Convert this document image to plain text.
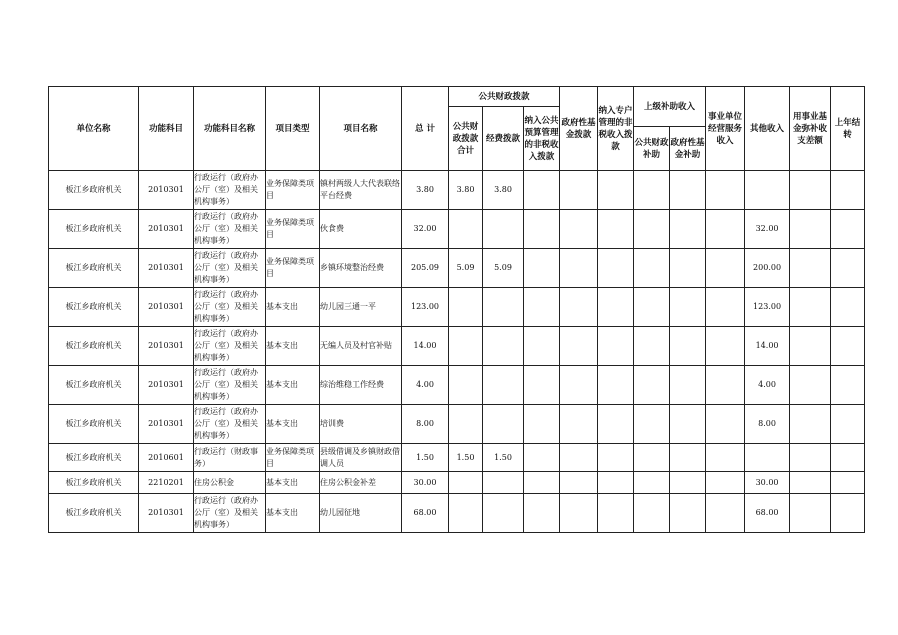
单位名称	功能科目	功能科目名称	项目类型	项目名称	总 计	公共财政拨款			政府性基金拨款	纳入专户管理的非税收入拨款	上级补助收入		事业单位经营服务收入	其他收入	用事业基金弥补收支差额	上年结转
						公共财政拨款合计	经费拨款	纳入公共预算管理的非税收入拨款								
											公共财政补助	政府性基金补助				
板江乡政府机关	2010301	行政运行（政府办公厅（室）及相关机构事务）	业务保障类项目	镇村两级人大代表联络平台经费	3.80	3.80	3.80									
板江乡政府机关	2010301	行政运行（政府办公厅（室）及相关机构事务）	业务保障类项目	伙食费	32.00									32.00		
板江乡政府机关	2010301	行政运行（政府办公厅（室）及相关机构事务）	业务保障类项目	乡镇环境整治经费	205.09	5.09	5.09							200.00		
板江乡政府机关	2010301	行政运行（政府办公厅（室）及相关机构事务）	基本支出	幼儿园三通一平	123.00									123.00		
板江乡政府机关	2010301	行政运行（政府办公厅（室）及相关机构事务）	基本支出	无编人员及村官补贴	14.00									14.00		
板江乡政府机关	2010301	行政运行（政府办公厅（室）及相关机构事务）	基本支出	综治维稳工作经费	4.00									4.00		
板江乡政府机关	2010301	行政运行（政府办公厅（室）及相关机构事务）	基本支出	培训费	8.00									8.00		
板江乡政府机关	2010601	行政运行（财政事务）	业务保障类项目	县级借调及乡镇财政借调人员	1.50	1.50	1.50									
板江乡政府机关	2210201	住房公积金	基本支出	住房公积金补差	30.00									30.00		
板江乡政府机关	2010301	行政运行（政府办公厅（室）及相关机构事务）	基本支出	幼儿园征地	68.00									68.00		
